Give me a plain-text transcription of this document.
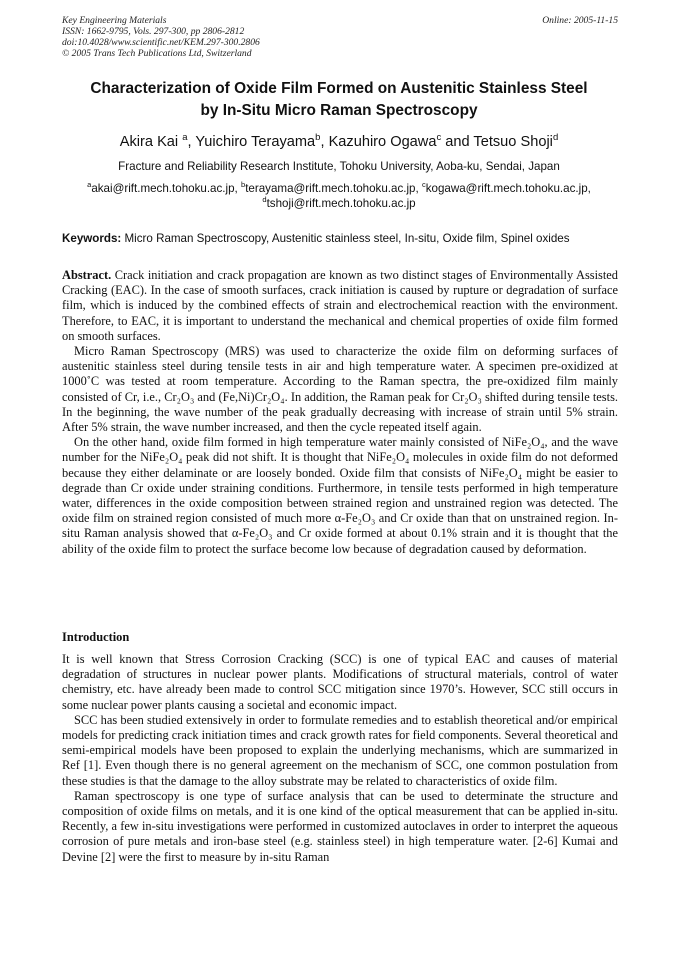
Key Engineering Materials
ISSN: 1662-9795, Vols. 297-300, pp 2806-2812
doi:10.4028/www.scientific.net/KEM.297-300.2806
© 2005 Trans Tech Publications Ltd, Switzerland
Online: 2005-11-15
Characterization of Oxide Film Formed on Austenitic Stainless Steel
by In-Situ Micro Raman Spectroscopy
Akira Kai $^a$, Yuichiro Terayama$^b$, Kazuhiro Ogawa$^c$ and Tetsuo Shoji$^d$
Fracture and Reliability Research Institute, Tohoku University, Aoba-ku, Sendai, Japan
$^a$akai@rift.mech.tohoku.ac.jp, $^b$terayama@rift.mech.tohoku.ac.jp, $^c$kogawa@rift.mech.tohoku.ac.jp,
$^d$tshoji@rift.mech.tohoku.ac.jp
Keywords: Micro Raman Spectroscopy, Austenitic stainless steel, In-situ, Oxide film, Spinel oxides

Abstract. Crack initiation and crack propagation are known as two distinct stages of Environmentally Assisted Cracking (EAC). In the case of smooth surfaces, crack initiation is caused by rupture or degradation of surface film, which is induced by the combined effects of strain and electrochemical reaction with the environment. Therefore, to EAC, it is important to understand the mechanical and chemical properties of oxide film formed on smooth surfaces.

Micro Raman Spectroscopy (MRS) was used to characterize the oxide film on deforming surfaces of austenitic stainless steel during tensile tests in air and high temperature water. A specimen pre-oxidized at 1000˚C was tested at room temperature. According to the Raman spectra, the pre-oxidized film mainly consisted of Cr, i.e., Cr₂O₃ and (Fe,Ni)Cr₂O₄. In addition, the Raman peak for Cr₂O₃ shifted during tensile tests. In the beginning, the wave number of the peak gradually decreasing with increase of strain until 5% strain. After 5% strain, the wave number increased, and then the cycle repeated itself again.

On the other hand, oxide film formed in high temperature water mainly consisted of NiFe₂O₄, and the wave number for the NiFe₂O₄ peak did not shift. It is thought that NiFe₂O₄ molecules in oxide film do not deformed because they either delaminate or are loosely bonded. Oxide film that consists of NiFe₂O₄ might be easier to degrade than Cr oxide under straining conditions. Furthermore, in tensile tests performed in high temperature water, differences in the oxide composition between strained region and unstrained region was detected. The oxide film on strained region consisted of much more α-Fe₂O₃ and Cr oxide than that on unstrained region. In-situ Raman analysis showed that α-Fe₂O₃ and Cr oxide formed at about 0.1% strain and it is thought that the ability of the oxide film to protect the surface become low because of degradation caused by deformation.

Introduction

It is well known that Stress Corrosion Cracking (SCC) is one of typical EAC and causes of material degradation of structures in nuclear power plants. Modifications of structural materials, control of water chemistry, etc. have already been made to control SCC mitigation since 1970’s. However, SCC still occurs in some nuclear power plants causing a societal and economic impact.

SCC has been studied extensively in order to formulate remedies and to establish theoretical and/or empirical models for predicting crack initiation times and crack growth rates for field components. Several theoretical and semi-empirical models have been proposed to explain the underlying mechanisms, which are summarized in Ref [1]. Even though there is no general agreement on the mechanism of SCC, one common postulation from these studies is that the damage to the alloy substrate may be related to characteristics of oxide film.

Raman spectroscopy is one type of surface analysis that can be used to determinate the structure and composition of oxide films on metals, and it is one kind of the optical measurement that can be applied in-situ. Recently, a few in-situ investigations were performed in customized autoclaves in order to interpret the aqueous corrosion of pure metals and iron-base steel (e.g. stainless steel) in high temperature water. [2-6] Kumai and Devine [2] were the first to measure by in-situ Raman
